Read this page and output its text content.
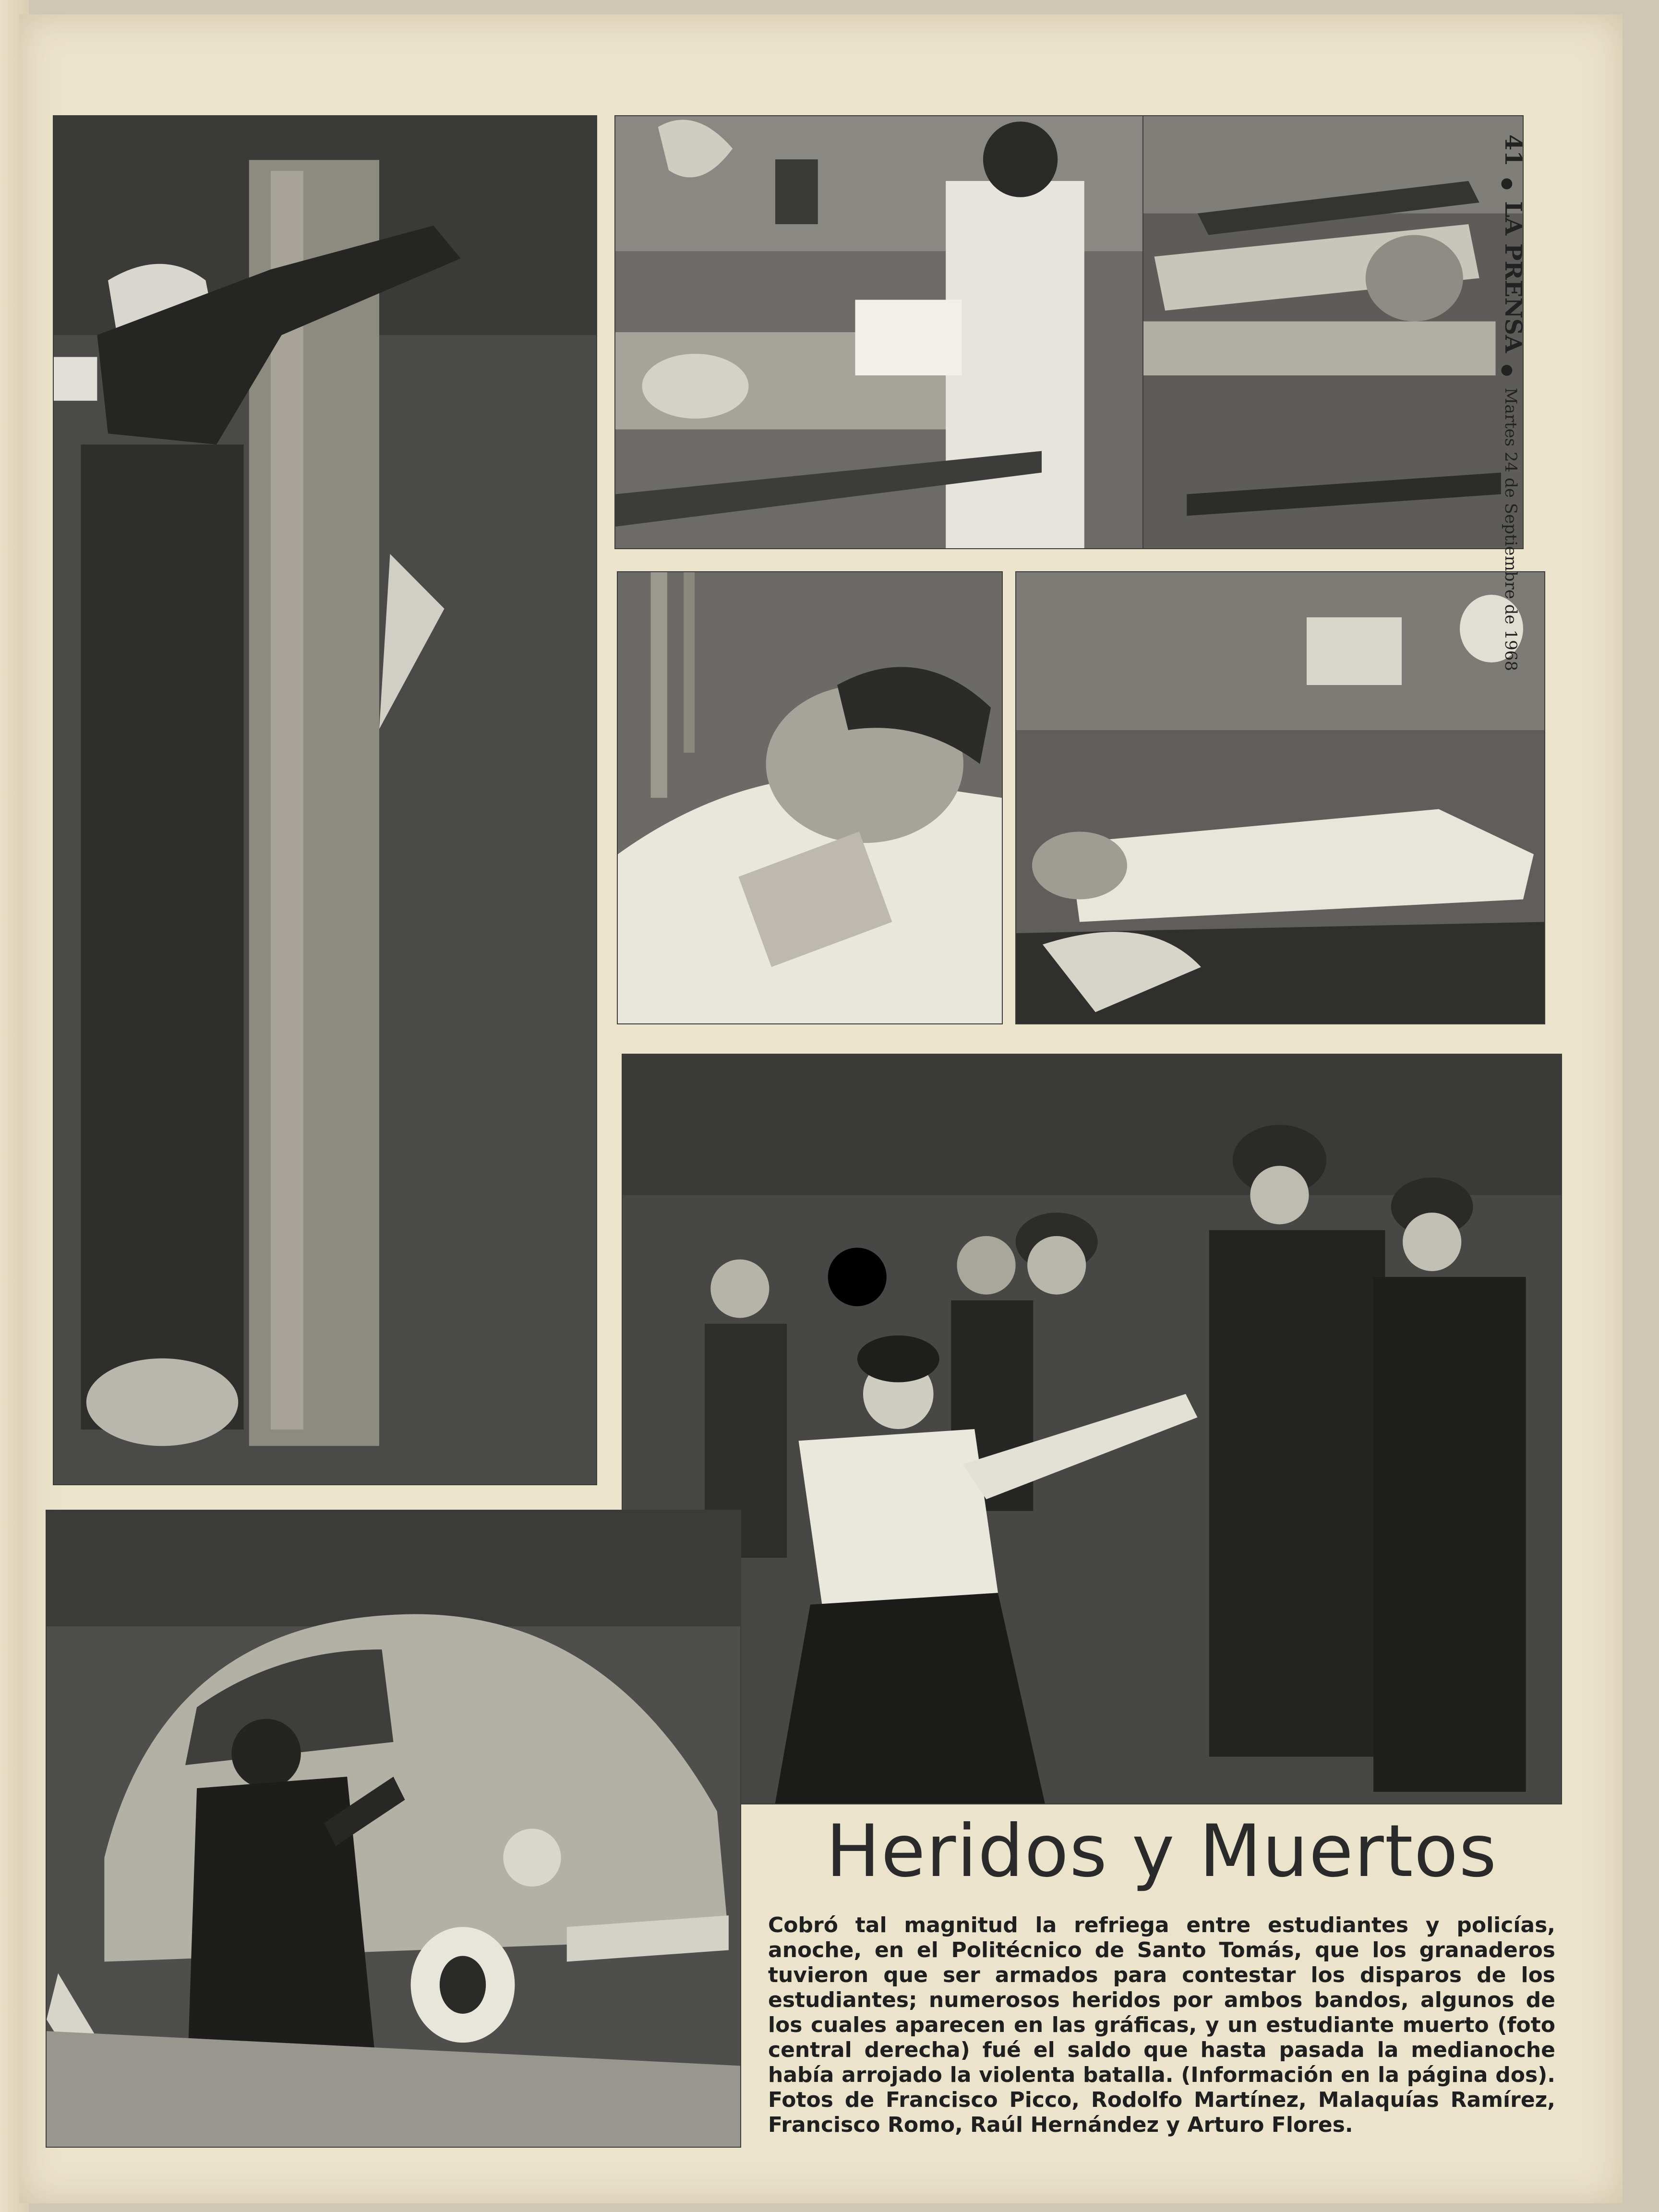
41 ● LA PRENSA ● Martes 24 de Septiembre de 1968
Heridos y Muertos

Cobró tal magnitud la refriega entre estudiantes y policías, anoche, en el Politécnico de Santo Tomás, que los granaderos tuvieron que ser armados para contestar los disparos de los estudiantes; numerosos heridos por ambos bandos, algunos de los cuales aparecen en las gráficas, y un estudiante muerto (foto central derecha) fué el saldo que hasta pasada la medianoche había arrojado la violenta batalla. (Información en la página dos). Fotos de Francisco Picco, Rodolfo Martínez, Malaquías Ramírez, Francisco Romo, Raúl Hernández y Arturo Flores.
